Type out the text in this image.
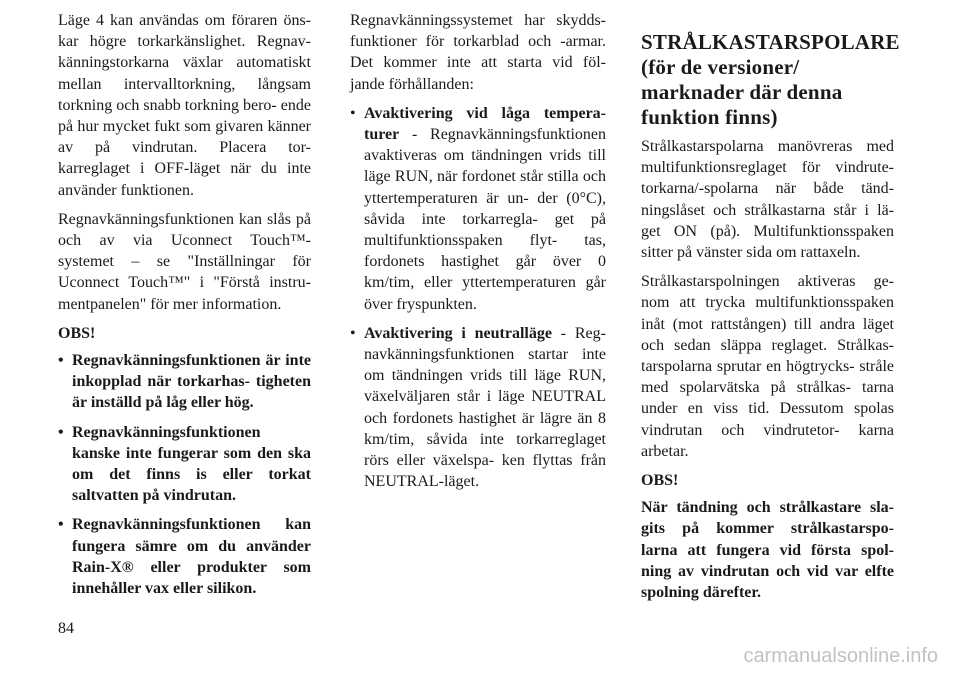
Läge 4 kan användas om föraren öns- kar högre torkarkänslighet. Regnav- känningstorkarna växlar automatiskt mellan intervalltorkning, långsam torkning och snabb torkning bero- ende på hur mycket fukt som givaren känner av på vindrutan. Placera tor- karreglaget i OFF-läget när du inte använder funktionen.

Regnavkänningsfunktionen kan slås på och av via Uconnect Touch™- systemet – se "Inställningar för Uconnect Touch™" i "Förstå instru- mentpanelen" för mer information.

OBS!
• Regnavkänningsfunktionen är inte inkopplad när torkarhas- tigheten är inställd på låg eller hög.
• Regnavkänningsfunktionen kanske inte fungerar som den ska om det finns is eller torkat saltvatten på vindrutan.
• Regnavkänningsfunktionen kan fungera sämre om du använder Rain-X® eller produkter som innehåller vax eller silikon.

Regnavkänningssystemet har skydds- funktioner för torkarblad och -armar. Det kommer inte att starta vid föl- jande förhållanden:

• Avaktivering vid låga tempera- turer - Regnavkänningsfunktionen avaktiveras om tändningen vrids till läge RUN, när fordonet står stilla och yttertemperaturen är un- der (0°C), såvida inte torkarregla- get på multifunktionsspaken flyt- tas, fordonets hastighet går över 0 km/tim, eller yttertemperaturen går över fryspunkten.
• Avaktivering i neutralläge - Reg- navkänningsfunktionen startar inte om tändningen vrids till läge RUN, växelväljaren står i läge NEUTRAL och fordonets hastighet är lägre än 8 km/tim, såvida inte torkarreglaget rörs eller växelspa- ken flyttas från NEUTRAL-läget.
STRÅLKASTARSPOLARE (för de versioner/ marknader där denna funktion finns)

Strålkastarspolarna manövreras med multifunktionsreglaget för vindrute- torkarna/-spolarna när både tänd- ningslåset och strålkastarna står i lä- get ON (på). Multifunktionsspaken sitter på vänster sida om rattaxeln.

Strålkastarspolningen aktiveras ge- nom att trycka multifunktionsspaken inåt (mot rattstången) till andra läget och sedan släppa reglaget. Strålkas- tarspolarna sprutar en högtrycks- stråle med spolarvätska på strålkas- tarna under en viss tid. Dessutom spolas vindrutan och vindrutetor- karna arbetar.

OBS!

När tändning och strålkastare sla- gits på kommer strålkastarspo- larna att fungera vid första spol- ning av vindrutan och vid var elfte spolning därefter.

84
carmanualsonline.info
